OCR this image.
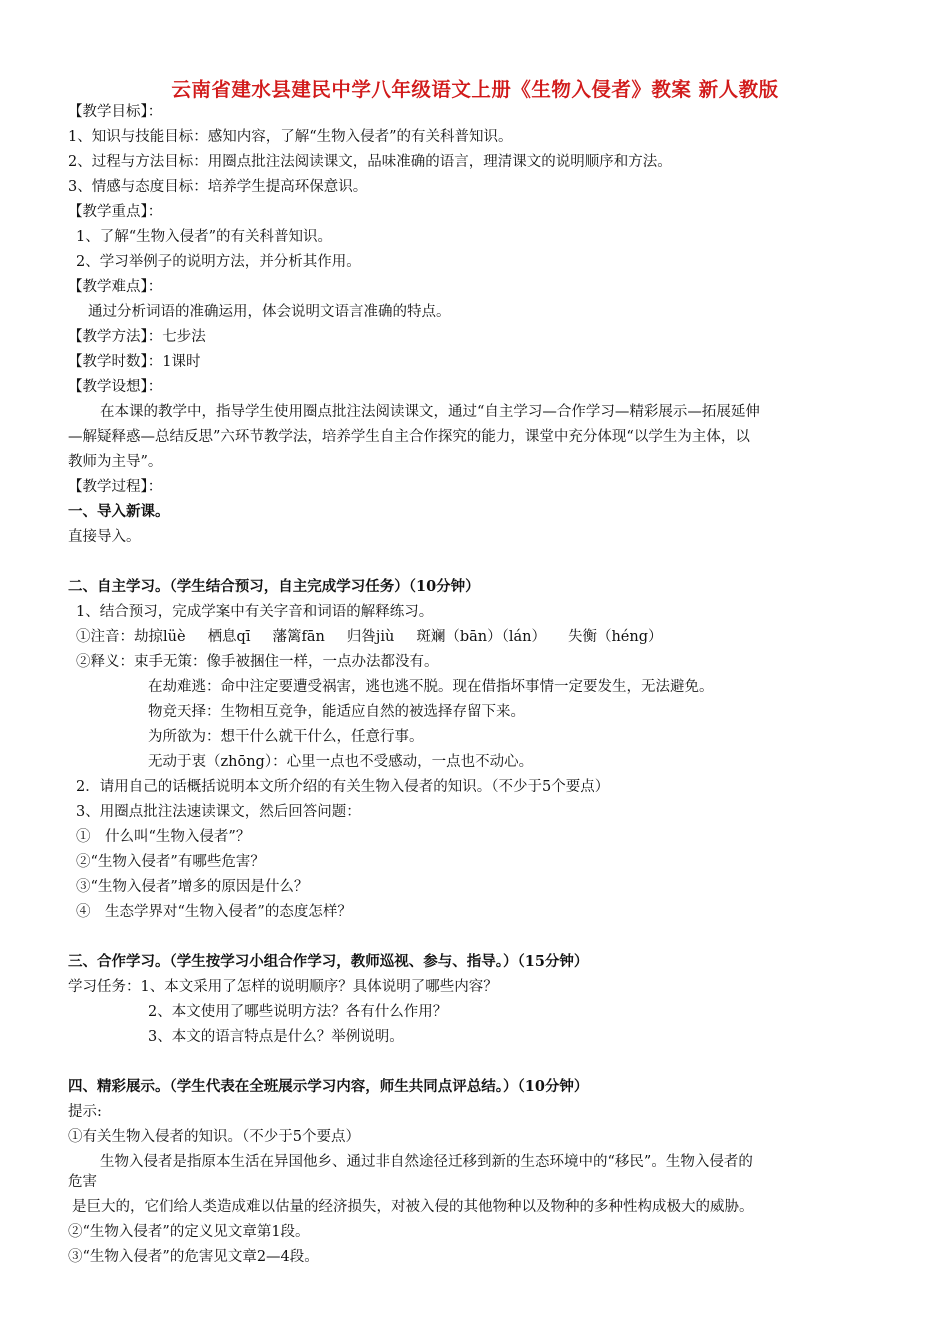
云南省建水县建民中学八年级语文上册《生物入侵者》教案 新人教版
【教学目标】：
1、知识与技能目标：感知内容，了解“生物入侵者”的有关科普知识。
2、过程与方法目标：用圈点批注法阅读课文，品味准确的语言，理清课文的说明顺序和方法。
3、情感与态度目标：培养学生提高环保意识。
【教学重点】：
1、了解“生物入侵者”的有关科普知识。
2、学习举例子的说明方法，并分析其作用。
【教学难点】：
通过分析词语的准确运用，体会说明文语言准确的特点。
【教学方法】：七步法
【教学时数】：1课时
【教学设想】：
在本课的教学中，指导学生使用圈点批注法阅读课文，通过“自主学习—合作学习—精彩展示—拓展延伸
—解疑释惑—总结反思”六环节教学法，培养学生自主合作探究的能力，课堂中充分体现“以学生为主体，以
教师为主导”。
【教学过程】：
一、导入新课。
直接导入。
二、自主学习。（学生结合预习，自主完成学习任务）（10分钟）
1、结合预习，完成学案中有关字音和词语的解释练习。
①注音：劫掠lüè 栖息qī 藩篱fān 归咎jiù 斑斓（bān）（lán） 失衡（héng）
②释义：束手无策：像手被捆住一样，一点办法都没有。
在劫难逃：命中注定要遭受祸害，逃也逃不脱。现在借指坏事情一定要发生，无法避免。
物竞天择：生物相互竞争，能适应自然的被选择存留下来。
为所欲为：想干什么就干什么，任意行事。
无动于衷（zhōng）：心里一点也不受感动，一点也不动心。
2．请用自己的话概括说明本文所介绍的有关生物入侵者的知识。（不少于5个要点）
3、用圈点批注法速读课文，然后回答问题：
①　什么叫“生物入侵者”？
②“生物入侵者”有哪些危害？
③“生物入侵者”增多的原因是什么？
④　生态学界对“生物入侵者”的态度怎样？
三、合作学习。（学生按学习小组合作学习，教师巡视、参与、指导。）（15分钟）
学习任务：1、本文采用了怎样的说明顺序？具体说明了哪些内容？
2、本文使用了哪些说明方法？各有什么作用？
3、本文的语言特点是什么？举例说明。
四、精彩展示。（学生代表在全班展示学习内容，师生共同点评总结。）（10分钟）
提示:
①有关生物入侵者的知识。（不少于5个要点）
生物入侵者是指原本生活在异国他乡、通过非自然途径迁移到新的生态环境中的“移民”。生物入侵者的
危害
是巨大的，它们给人类造成难以估量的经济损失，对被入侵的其他物种以及物种的多种性构成极大的威胁。
②“生物入侵者”的定义见文章第1段。
③“生物入侵者”的危害见文章2—4段。
